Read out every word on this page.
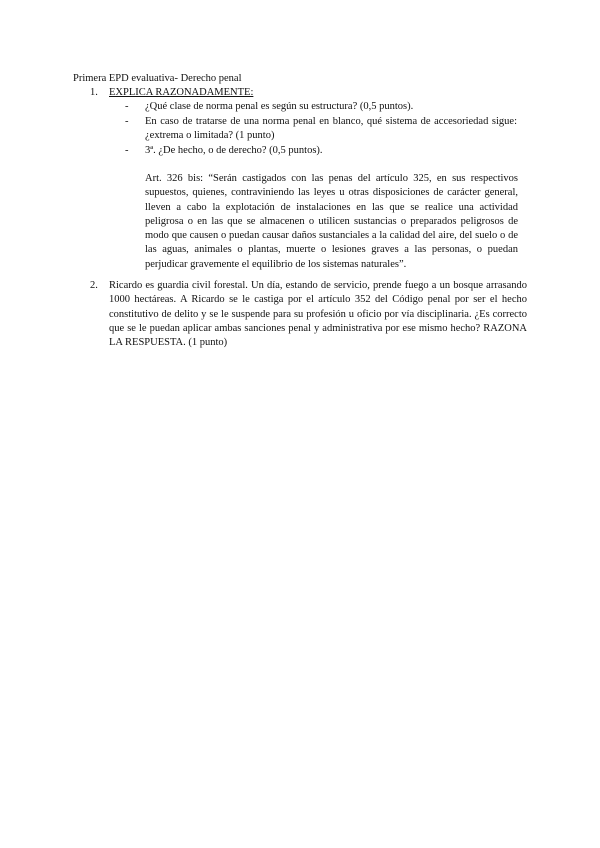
Primera EPD evaluativa- Derecho penal
1. EXPLICA RAZONADAMENTE:
- ¿Qué clase de norma penal es según su estructura? (0,5 puntos).
- En caso de tratarse de una norma penal en blanco, qué sistema de accesoriedad sigue: ¿extrema o limitada? (1 punto)
- 3ª. ¿De hecho, o de derecho? (0,5 puntos).
Art. 326 bis: “Serán castigados con las penas del artículo 325, en sus respectivos supuestos, quienes, contraviniendo las leyes u otras disposiciones de carácter general, lleven a cabo la explotación de instalaciones en las que se realice una actividad peligrosa o en las que se almacenen o utilicen sustancias o preparados peligrosos de modo que causen o puedan causar daños sustanciales a la calidad del aire, del suelo o de las aguas, animales o plantas, muerte o lesiones graves a las personas, o puedan perjudicar gravemente el equilibrio de los sistemas naturales”.
2. Ricardo es guardia civil forestal. Un día, estando de servicio, prende fuego a un bosque arrasando 1000 hectáreas. A Ricardo se le castiga por el artículo 352 del Código penal por ser el hecho constitutivo de delito y se le suspende para su profesión u oficio por vía disciplinaria. ¿Es correcto que se le puedan aplicar ambas sanciones penal y administrativa por ese mismo hecho? RAZONA LA RESPUESTA. (1 punto)
